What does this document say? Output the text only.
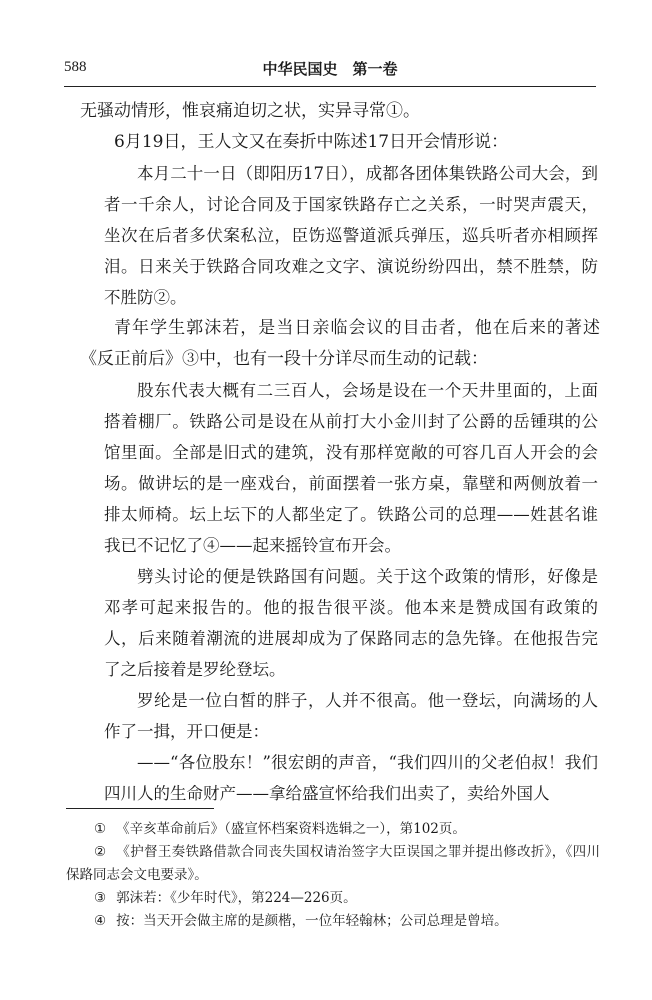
588	中华民国史　第一卷

无骚动情形，惟哀痛迫切之状，实异寻常①。

6月19日，王人文又在奏折中陈述17日开会情形说：

本月二十一日（即阳历17日），成都各团体集铁路公司大会，到者一千余人，讨论合同及于国家铁路存亡之关系，一时哭声震天，坐次在后者多伏案私泣，臣饬巡警道派兵弹压，巡兵听者亦相顾挥泪。日来关于铁路合同攻难之文字、演说纷纷四出，禁不胜禁，防不胜防②。

青年学生郭沫若，是当日亲临会议的目击者，他在后来的著述《反正前后》③中，也有一段十分详尽而生动的记载：

股东代表大概有二三百人，会场是设在一个天井里面的，上面搭着棚厂。铁路公司是设在从前打大小金川封了公爵的岳锺琪的公馆里面。全部是旧式的建筑，没有那样宽敞的可容几百人开会的会场。做讲坛的是一座戏台，前面摆着一张方桌，靠壁和两侧放着一排太师椅。坛上坛下的人都坐定了。铁路公司的总理——姓甚名谁我已不记忆了④——起来摇铃宣布开会。

劈头讨论的便是铁路国有问题。关于这个政策的情形，好像是邓孝可起来报告的。他的报告很平淡。他本来是赞成国有政策的人，后来随着潮流的进展却成为了保路同志的急先锋。在他报告完了之后接着是罗纶登坛。

罗纶是一位白皙的胖子，人并不很高。他一登坛，向满场的人作了一揖，开口便是：

——“各位股东！”很宏朗的声音，“我们四川的父老伯叔！我们四川人的生命财产——拿给盛宣怀给我们出卖了，卖给外国人

① 《辛亥革命前后》（盛宣怀档案资料选辑之一），第102页。

② 《护督王奏铁路借款合同丧失国权请治签字大臣误国之罪并提出修改折》，《四川保路同志会文电要录》。

③ 郭沫若：《少年时代》，第224—226页。

④ 按：当天开会做主席的是颜楷，一位年轻翰林；公司总理是曾培。
